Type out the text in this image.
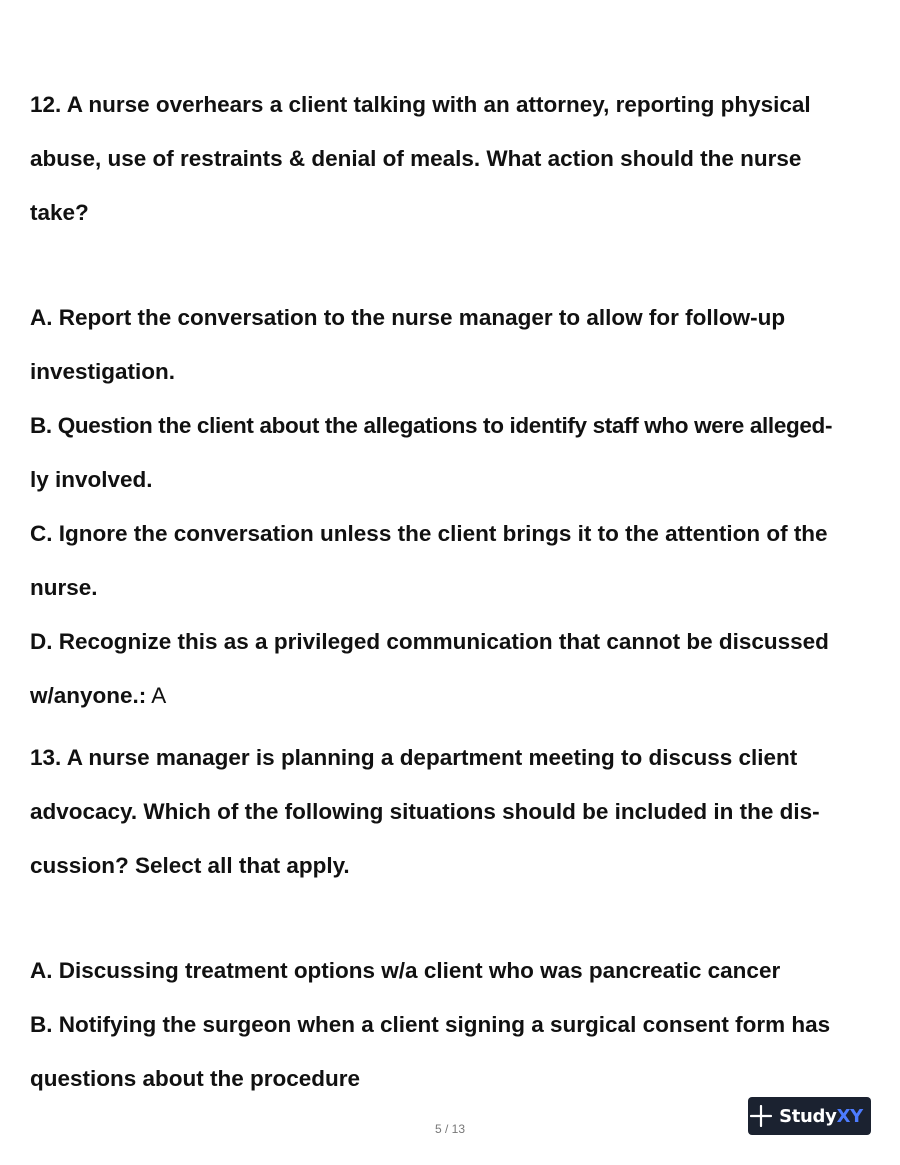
12. A nurse overhears a client talking with an attorney, reporting physical
abuse, use of restraints & denial of meals. What action should the nurse
take?
A. Report the conversation to the nurse manager to allow for follow-up
investigation.
B. Question the client about the allegations to identify staff who were alleged-
ly involved.
C. Ignore the conversation unless the client brings it to the attention of the
nurse.
D. Recognize this as a privileged communication that cannot be discussed
w/anyone.: A
13. A nurse manager is planning a department meeting to discuss client
advocacy. Which of the following situations should be included in the dis-
cussion? Select all that apply.
A. Discussing treatment options w/a client who was pancreatic cancer
B. Notifying the surgeon when a client signing a surgical consent form has
questions about the procedure
5 / 13
StudyXY
